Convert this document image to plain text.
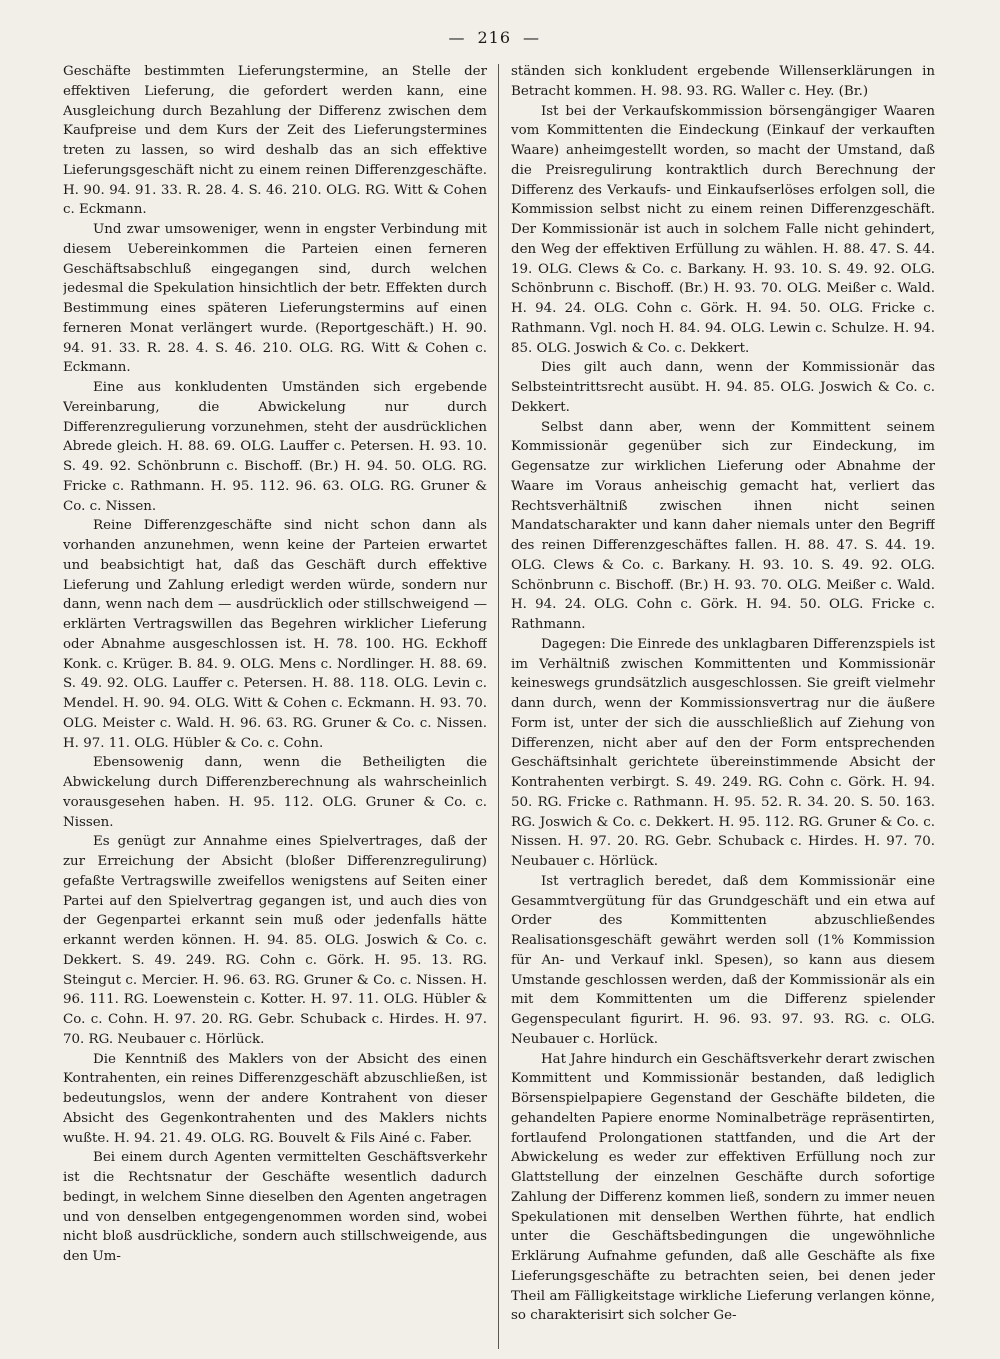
— 216 —

Geschäfte bestimmten Lieferungstermine, an Stelle der effektiven Lieferung, die gefordert werden kann, eine Ausgleichung durch Bezahlung der Differenz zwischen dem Kaufpreise und dem Kurs der Zeit des Lieferungstermines treten zu lassen, so wird deshalb das an sich effektive Lieferungsgeschäft nicht zu einem reinen Differenzgeschäfte. H. 90. 94. 91. 33. R. 28. 4. S. 46. 210. OLG. RG. Witt & Cohen c. Eckmann.

Und zwar umsoweniger, wenn in engster Verbindung mit diesem Uebereinkommen die Parteien einen ferneren Geschäftsabschluß eingegangen sind, durch welchen jedesmal die Spekulation hinsichtlich der betr. Effekten durch Bestimmung eines späteren Lieferungstermins auf einen ferneren Monat verlängert wurde. (Reportgeschäft.) H. 90. 94. 91. 33. R. 28. 4. S. 46. 210. OLG. RG. Witt & Cohen c. Eckmann.

Eine aus konkludenten Umständen sich ergebende Vereinbarung, die Abwickelung nur durch Differenzregulierung vorzunehmen, steht der ausdrücklichen Abrede gleich. H. 88. 69. OLG. Lauffer c. Petersen. H. 93. 10. S. 49. 92. Schönbrunn c. Bischoff. (Br.) H. 94. 50. OLG. RG. Fricke c. Rathmann. H. 95. 112. 96. 63. OLG. RG. Gruner & Co. c. Nissen.

Reine Differenzgeschäfte sind nicht schon dann als vorhanden anzunehmen, wenn keine der Parteien erwartet und beabsichtigt hat, daß das Geschäft durch effektive Lieferung und Zahlung erledigt werden würde, sondern nur dann, wenn nach dem — ausdrücklich oder stillschweigend — erklärten Vertragswillen das Begehren wirklicher Lieferung oder Abnahme ausgeschlossen ist. H. 78. 100. HG. Eckhoff Konk. c. Krüger. B. 84. 9. OLG. Mens c. Nordlinger. H. 88. 69. S. 49. 92. OLG. Lauffer c. Petersen. H. 88. 118. OLG. Levin c. Mendel. H. 90. 94. OLG. Witt & Cohen c. Eckmann. H. 93. 70. OLG. Meister c. Wald. H. 96. 63. RG. Gruner & Co. c. Nissen. H. 97. 11. OLG. Hübler & Co. c. Cohn.

Ebensowenig dann, wenn die Betheiligten die Abwickelung durch Differenzberechnung als wahrscheinlich vorausgesehen haben. H. 95. 112. OLG. Gruner & Co. c. Nissen.

Es genügt zur Annahme eines Spielvertrages, daß der zur Erreichung der Absicht (bloßer Differenzregulirung) gefaßte Vertragswille zweifellos wenigstens auf Seiten einer Partei auf den Spielvertrag gegangen ist, und auch dies von der Gegenpartei erkannt sein muß oder jedenfalls hätte erkannt werden können. H. 94. 85. OLG. Joswich & Co. c. Dekkert. S. 49. 249. RG. Cohn c. Görk. H. 95. 13. RG. Steingut c. Mercier. H. 96. 63. RG. Gruner & Co. c. Nissen. H. 96. 111. RG. Loewenstein c. Kotter. H. 97. 11. OLG. Hübler & Co. c. Cohn. H. 97. 20. RG. Gebr. Schuback c. Hirdes. H. 97. 70. RG. Neubauer c. Hörlück.

Die Kenntniß des Maklers von der Absicht des einen Kontrahenten, ein reines Differenzgeschäft abzuschließen, ist bedeutungslos, wenn der andere Kontrahent von dieser Absicht des Gegenkontrahenten und des Maklers nichts wußte. H. 94. 21. 49. OLG. RG. Bouvelt & Fils Ainé c. Faber.

Bei einem durch Agenten vermittelten Geschäftsverkehr ist die Rechtsnatur der Geschäfte wesentlich dadurch bedingt, in welchem Sinne dieselben den Agenten angetragen und von denselben entgegengenommen worden sind, wobei nicht bloß ausdrückliche, sondern auch stillschweigende, aus den Um-

ständen sich konkludent ergebende Willenserklärungen in Betracht kommen. H. 98. 93. RG. Waller c. Hey. (Br.)

Ist bei der Verkaufskommission börsengängiger Waaren vom Kommittenten die Eindeckung (Einkauf der verkauften Waare) anheimgestellt worden, so macht der Umstand, daß die Preisregulirung kontraktlich durch Berechnung der Differenz des Verkaufs- und Einkaufserlöses erfolgen soll, die Kommission selbst nicht zu einem reinen Differenzgeschäft. Der Kommissionär ist auch in solchem Falle nicht gehindert, den Weg der effektiven Erfüllung zu wählen. H. 88. 47. S. 44. 19. OLG. Clews & Co. c. Barkany. H. 93. 10. S. 49. 92. OLG. Schönbrunn c. Bischoff. (Br.) H. 93. 70. OLG. Meißer c. Wald. H. 94. 24. OLG. Cohn c. Görk. H. 94. 50. OLG. Fricke c. Rathmann. Vgl. noch H. 84. 94. OLG. Lewin c. Schulze. H. 94. 85. OLG. Joswich & Co. c. Dekkert.

Dies gilt auch dann, wenn der Kommissionär das Selbsteintrittsrecht ausübt. H. 94. 85. OLG. Joswich & Co. c. Dekkert.

Selbst dann aber, wenn der Kommittent seinem Kommissionär gegenüber sich zur Eindeckung, im Gegensatze zur wirklichen Lieferung oder Abnahme der Waare im Voraus anheischig gemacht hat, verliert das Rechtsverhältniß zwischen ihnen nicht seinen Mandatscharakter und kann daher niemals unter den Begriff des reinen Differenzgeschäftes fallen. H. 88. 47. S. 44. 19. OLG. Clews & Co. c. Barkany. H. 93. 10. S. 49. 92. OLG. Schönbrunn c. Bischoff. (Br.) H. 93. 70. OLG. Meißer c. Wald. H. 94. 24. OLG. Cohn c. Görk. H. 94. 50. OLG. Fricke c. Rathmann.

Dagegen: Die Einrede des unklagbaren Differenzspiels ist im Verhältniß zwischen Kommittenten und Kommissionär keineswegs grundsätzlich ausgeschlossen. Sie greift vielmehr dann durch, wenn der Kommissionsvertrag nur die äußere Form ist, unter der sich die ausschließlich auf Ziehung von Differenzen, nicht aber auf den der Form entsprechenden Geschäftsinhalt gerichtete übereinstimmende Absicht der Kontrahenten verbirgt. S. 49. 249. RG. Cohn c. Görk. H. 94. 50. RG. Fricke c. Rathmann. H. 95. 52. R. 34. 20. S. 50. 163. RG. Joswich & Co. c. Dekkert. H. 95. 112. RG. Gruner & Co. c. Nissen. H. 97. 20. RG. Gebr. Schuback c. Hirdes. H. 97. 70. Neubauer c. Hörlück.

Ist vertraglich beredet, daß dem Kommissionär eine Gesammtvergütung für das Grundgeschäft und ein etwa auf Order des Kommittenten abzuschließendes Realisationsgeschäft gewährt werden soll (1% Kommission für An- und Verkauf inkl. Spesen), so kann aus diesem Umstande geschlossen werden, daß der Kommissionär als ein mit dem Kommittenten um die Differenz spielender Gegenspeculant figurirt. H. 96. 93. 97. 93. RG. c. OLG. Neubauer c. Horlück.

Hat Jahre hindurch ein Geschäftsverkehr derart zwischen Kommittent und Kommissionär bestanden, daß lediglich Börsenspielpapiere Gegenstand der Geschäfte bildeten, die gehandelten Papiere enorme Nominalbeträge repräsentirten, fortlaufend Prolongationen stattfanden, und die Art der Abwickelung es weder zur effektiven Erfüllung noch zur Glattstellung der einzelnen Geschäfte durch sofortige Zahlung der Differenz kommen ließ, sondern zu immer neuen Spekulationen mit denselben Werthen führte, hat endlich unter die Geschäftsbedingungen die ungewöhnliche Erklärung Aufnahme gefunden, daß alle Geschäfte als fixe Lieferungsgeschäfte zu betrachten seien, bei denen jeder Theil am Fälligkeitstage wirkliche Lieferung verlangen könne, so charakterisirt sich solcher Ge-
